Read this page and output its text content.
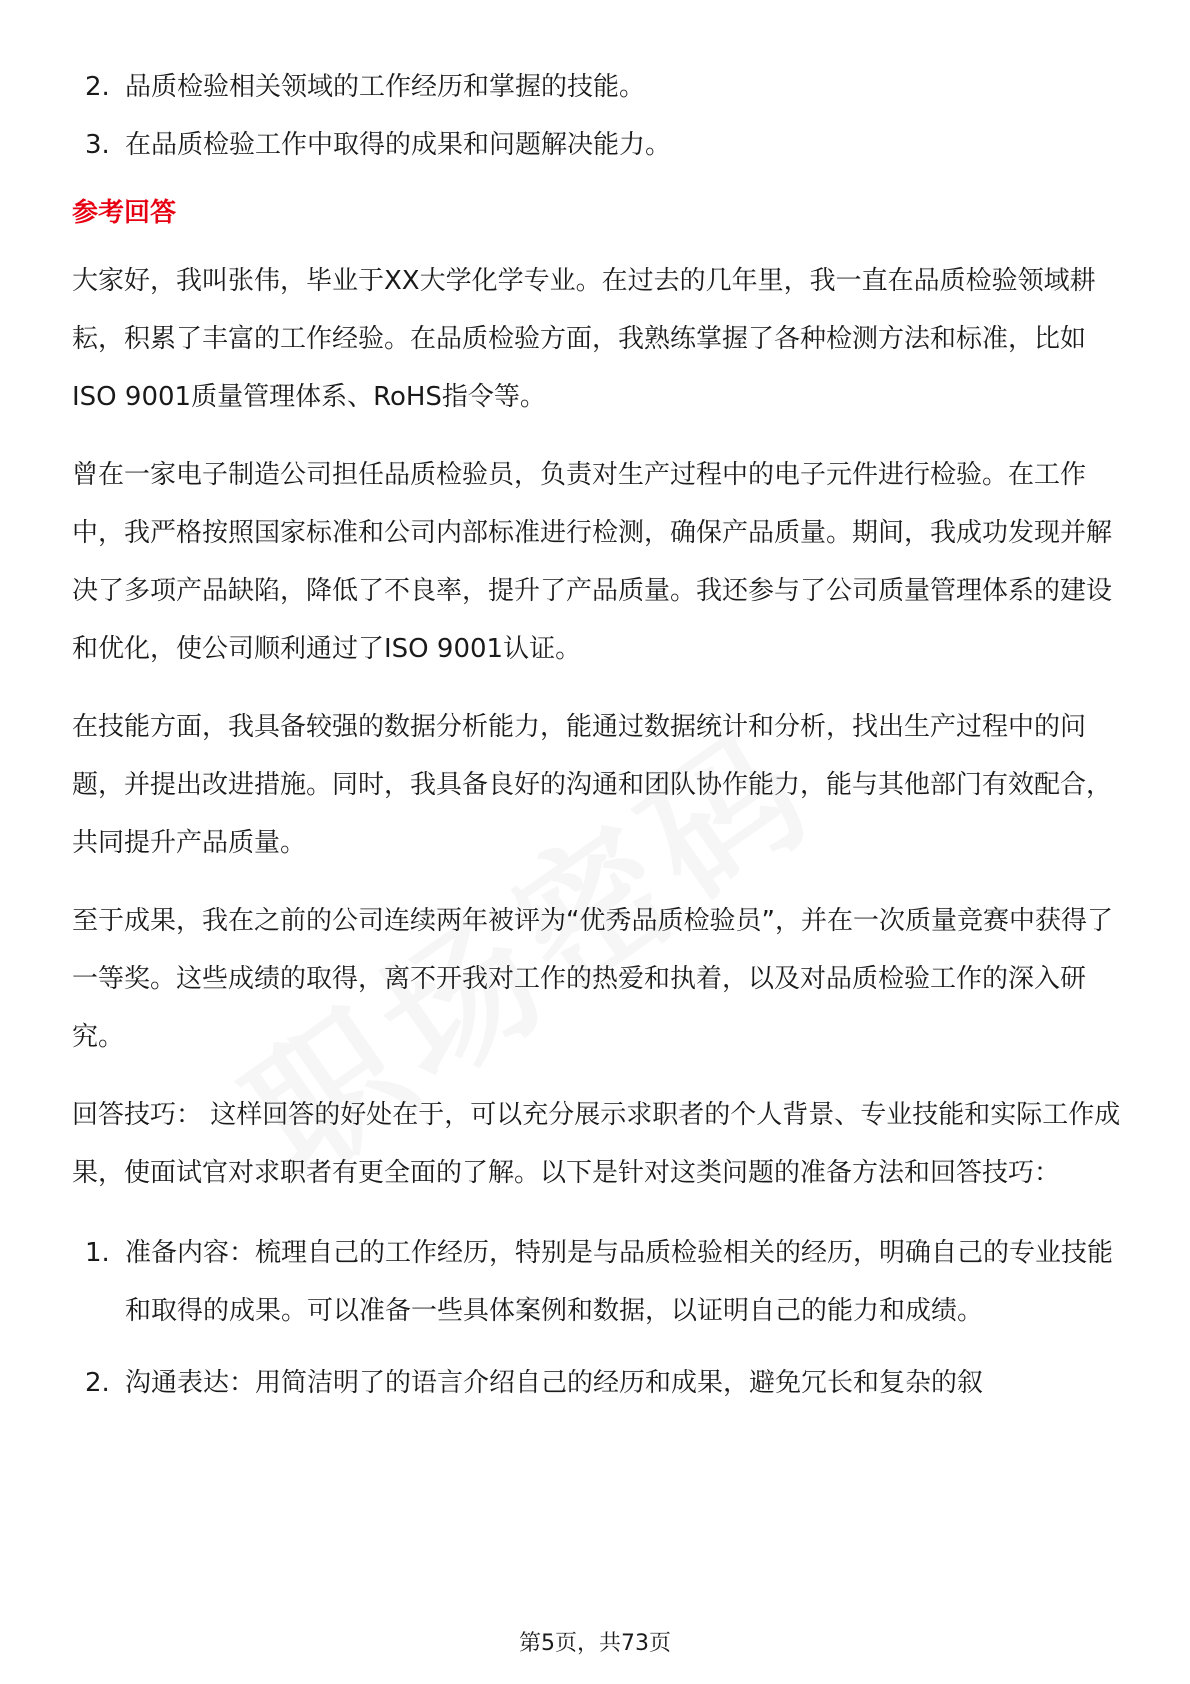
2. 品质检验相关领域的工作经历和掌握的技能。
3. 在品质检验工作中取得的成果和问题解决能力。
参考回答

大家好，我叫张伟，毕业于XX大学化学专业。在过去的几年里，我一直在品质检验领域耕耘，积累了丰富的工作经验。在品质检验方面，我熟练掌握了各种检测方法和标准，比如ISO 9001质量管理体系、RoHS指令等。

曾在一家电子制造公司担任品质检验员，负责对生产过程中的电子元件进行检验。在工作中，我严格按照国家标准和公司内部标准进行检测，确保产品质量。期间，我成功发现并解决了多项产品缺陷，降低了不良率，提升了产品质量。我还参与了公司质量管理体系的建设和优化，使公司顺利通过了ISO 9001认证。

在技能方面，我具备较强的数据分析能力，能通过数据统计和分析，找出生产过程中的问题，并提出改进措施。同时，我具备良好的沟通和团队协作能力，能与其他部门有效配合，共同提升产品质量。

至于成果，我在之前的公司连续两年被评为“优秀品质检验员”，并在一次质量竞赛中获得了一等奖。这些成绩的取得，离不开我对工作的热爱和执着，以及对品质检验工作的深入研究。

回答技巧： 这样回答的好处在于，可以充分展示求职者的个人背景、专业技能和实际工作成果，使面试官对求职者有更全面的了解。以下是针对这类问题的准备方法和回答技巧：

1. 准备内容：梳理自己的工作经历，特别是与品质检验相关的经历，明确自己的专业技能和取得的成果。可以准备一些具体案例和数据，以证明自己的能力和成绩。
2. 沟通表达：用简洁明了的语言介绍自己的经历和成果，避免冗长和复杂的叙
第5页，共73页
